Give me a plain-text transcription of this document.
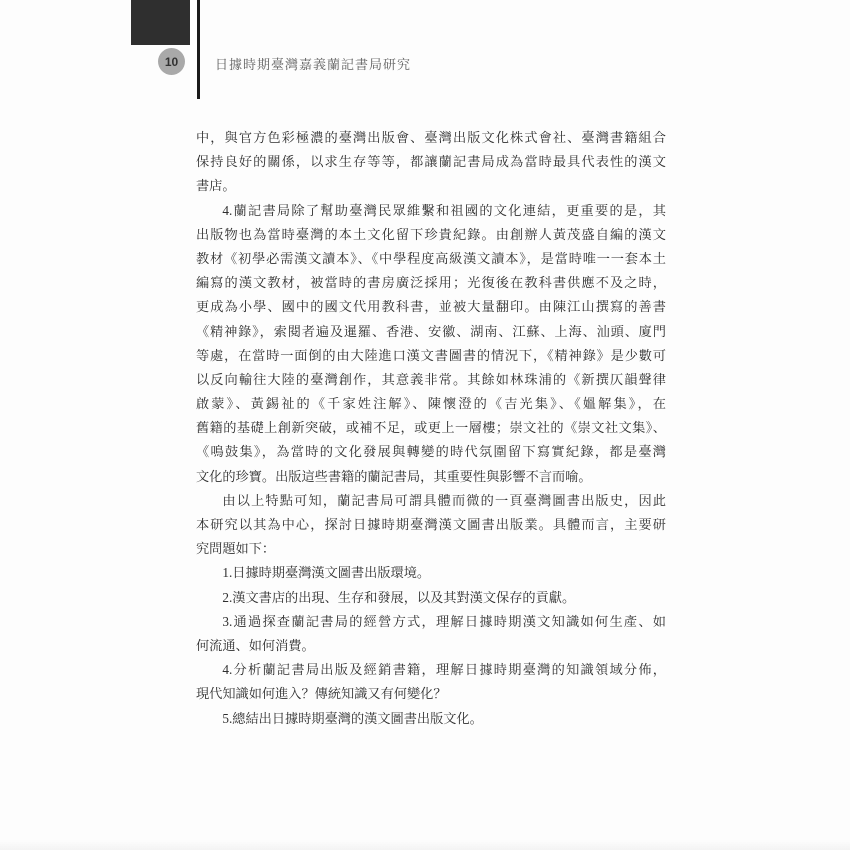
10	日據時期臺灣嘉義蘭記書局研究
中，與官方色彩極濃的臺灣出版會、臺灣出版文化株式會社、臺灣書籍組合
保持良好的關係，以求生存等等，都讓蘭記書局成為當時最具代表性的漢文
書店。
4.蘭記書局除了幫助臺灣民眾維繫和祖國的文化連結，更重要的是，其
出版物也為當時臺灣的本土文化留下珍貴紀錄。由創辦人黃茂盛自編的漢文
教材《初學必需漢文讀本》、《中學程度高級漢文讀本》，是當時唯一一套本土
編寫的漢文教材，被當時的書房廣泛採用；光復後在教科書供應不及之時，
更成為小學、國中的國文代用教科書，並被大量翻印。由陳江山撰寫的善書
《精神錄》，索閱者遍及暹羅、香港、安徽、湖南、江蘇、上海、汕頭、廈門
等處，在當時一面倒的由大陸進口漢文書圖書的情況下，《精神錄》是少數可
以反向輸往大陸的臺灣創作，其意義非常。其餘如林珠浦的《新撰仄韻聲律
啟蒙》、黃錫祉的《千家姓注解》、陳懷澄的《吉光集》、《媼解集》，在
舊籍的基礎上創新突破，或補不足，或更上一層樓；崇文社的《崇文社文集》、
《鳴鼓集》，為當時的文化發展與轉變的時代氛圍留下寫實紀錄，都是臺灣
文化的珍寶。出版這些書籍的蘭記書局，其重要性與影響不言而喻。
由以上特點可知，蘭記書局可謂具體而微的一頁臺灣圖書出版史，因此
本研究以其為中心，探討日據時期臺灣漢文圖書出版業。具體而言，主要研
究問題如下：
1.日據時期臺灣漢文圖書出版環境。
2.漢文書店的出現、生存和發展，以及其對漢文保存的貢獻。
3.通過探查蘭記書局的經營方式，理解日據時期漢文知識如何生產、如
何流通、如何消費。
4.分析蘭記書局出版及經銷書籍，理解日據時期臺灣的知識領域分佈，
現代知識如何進入？傳統知識又有何變化？
5.總結出日據時期臺灣的漢文圖書出版文化。
